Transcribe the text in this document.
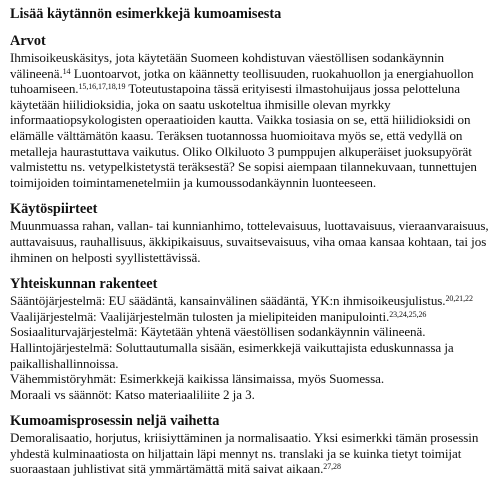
Lisää käytännön esimerkkejä kumoamisesta
Arvot

Ihmisoikeuskäsitys, jota käytetään Suomeen kohdistuvan väestöllisen sodankäynnin välineenä.$^{14}$ Luontoarvot, jotka on käännetty teollisuuden, ruokahuollon ja energiahuollon tuhoamiseen.$^{15,16,17,18,19}$ Toteutustapoina tässä erityisesti ilmastohuijaus jossa pelotteluna käytetään hiilidioksidia, joka on saatu uskoteltua ihmisille olevan myrkky informaatiopsykologisten operaatioiden kautta. Vaikka tosiasia on se, että hiilidioksidi on elämälle välttämätön kaasu. Teräksen tuotannossa huomioitava myös se, että vedyllä on metalleja haurastuttava vaikutus. Oliko Olkiluoto 3 pumppujen alkuperäiset juoksupyörät valmistettu ns. vetypelkistetystä teräksestä? Se sopisi aiempaan tilannekuvaan, tunnettujen toimijoiden toimintamenetelmiin ja kumoussodankäynnin luonteeseen.

Käytöspiirteet

Muunmuassa rahan, vallan- tai kunnianhimo, tottelevaisuus, luottavaisuus, vieraanvaraisuus, auttavaisuus, rauhallisuus, äkkipikaisuus, suvaitsevaisuus, viha omaa kansaa kohtaan, tai jos ihminen on helposti syyllistettävissä.

Yhteiskunnan rakenteet
Sääntöjärjestelmä: EU säädäntä, kansainvälinen säädäntä, YK:n ihmisoikeusjulistus.$^{20,21,22}$
Vaalijärjestelmä: Vaalijärjestelmän tulosten ja mielipiteiden manipulointi.$^{23,24,25,26}$
Sosiaaliturvajärjestelmä: Käytetään yhtenä väestöllisen sodankäynnin välineenä.
Hallintojärjestelmä: Soluttautumalla sisään, esimerkkejä vaikuttajista eduskunnassa ja paikallishallinnoissa.
Vähemmistöryhmät: Esimerkkejä kaikissa länsimaissa, myös Suomessa.
Moraali vs säännöt: Katso materiaaliliite 2 ja 3.
Kumoamisprosessin neljä vaihetta

Demoralisaatio, horjutus, kriisiyttäminen ja normalisaatio. Yksi esimerkki tämän prosessin yhdestä kulminaatiosta on hiljattain läpi mennyt ns. translaki ja se kuinka tietyt toimijat suoraastaan juhlistivat sitä ymmärtämättä mitä saivat aikaan.$^{27,28}$
